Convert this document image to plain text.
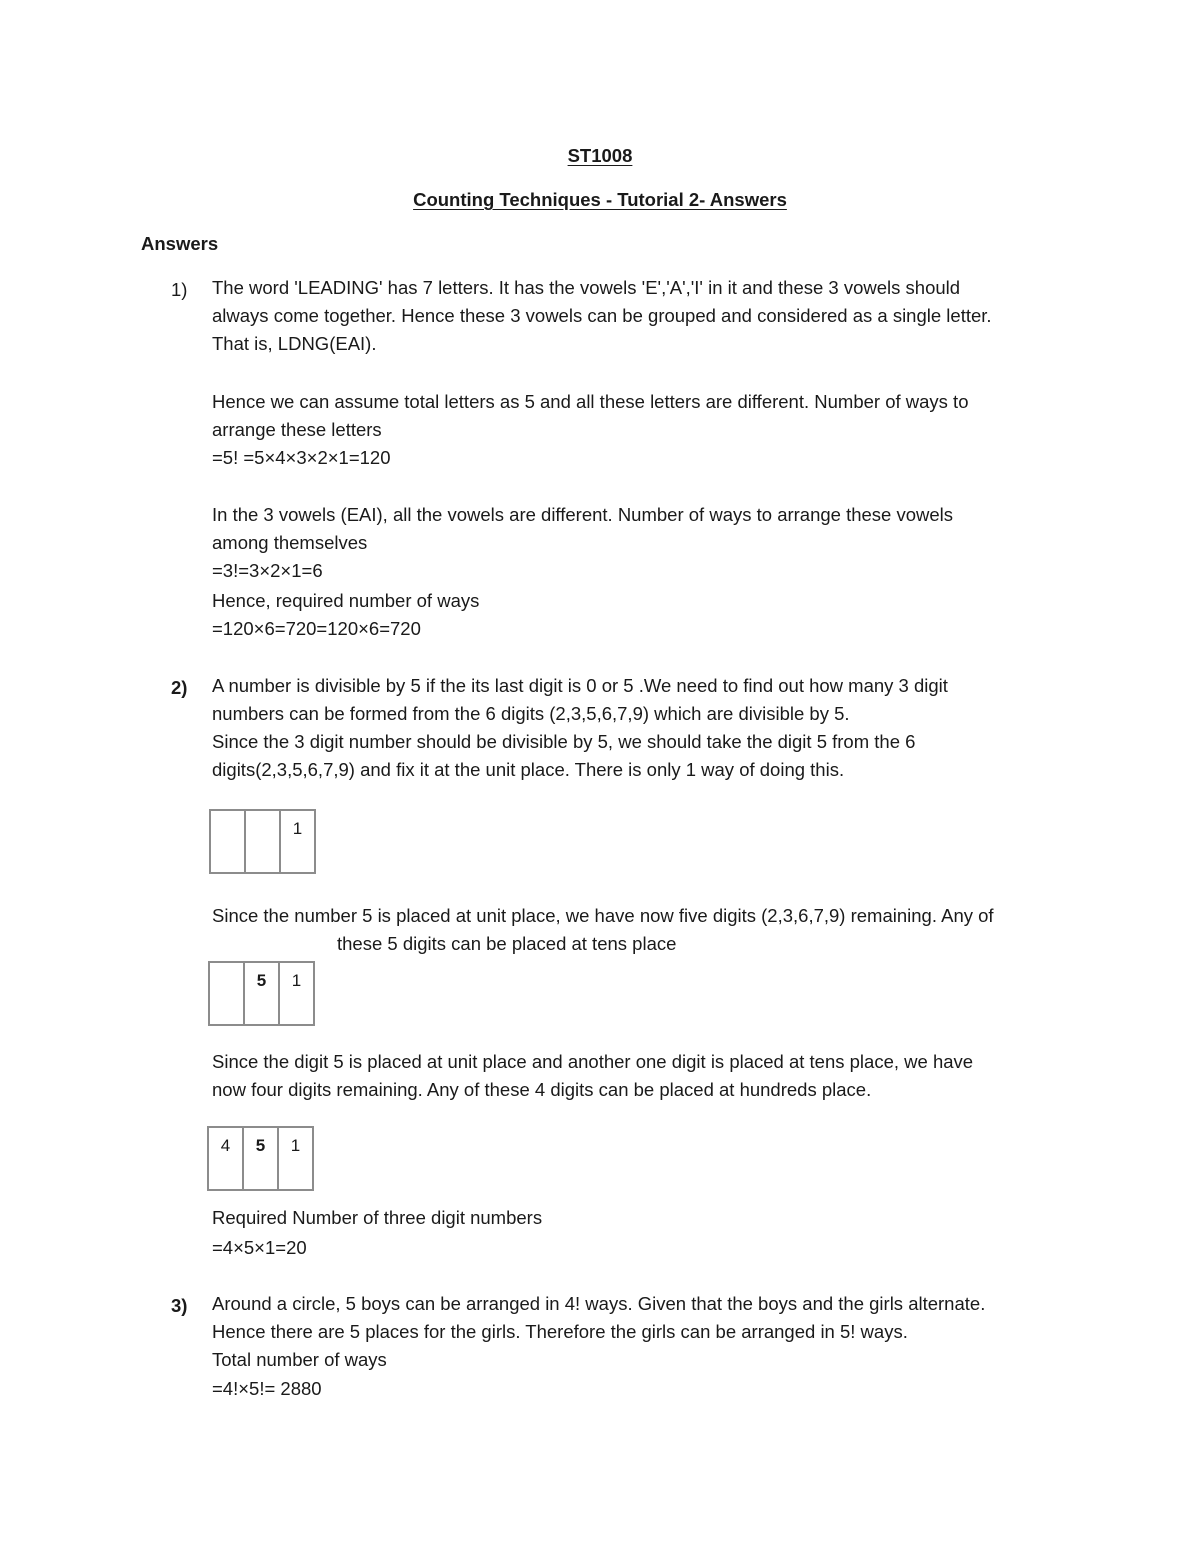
ST1008
Counting Techniques - Tutorial 2- Answers
Answers
1) The word 'LEADING' has 7 letters. It has the vowels 'E','A','I' in it and these 3 vowels should
always come together. Hence these 3 vowels can be grouped and considered as a single letter.
That is, LDNG(EAI).
Hence we can assume total letters as 5 and all these letters are different. Number of ways to
arrange these letters
=5! =5×4×3×2×1=120
In the 3 vowels (EAI), all the vowels are different. Number of ways to arrange these vowels
among themselves
=3!=3×2×1=6
Hence, required number of ways
=120×6=720=120×6=720
2) A number is divisible by 5 if the its last digit is 0 or 5 .We need to find out how many 3 digit
numbers can be formed from the 6 digits (2,3,5,6,7,9) which are divisible by 5.
Since the 3 digit number should be divisible by 5, we should take the digit 5 from the 6
digits(2,3,5,6,7,9) and fix it at the unit place. There is only 1 way of doing this.
		1
Since the number 5 is placed at unit place, we have now five digits (2,3,6,7,9) remaining. Any of
these 5 digits can be placed at tens place
	5	1
Since the digit 5 is placed at unit place and another one digit is placed at tens place, we have
now four digits remaining. Any of these 4 digits can be placed at hundreds place.
4	5	1
Required Number of three digit numbers
=4×5×1=20
3) Around a circle, 5 boys can be arranged in 4! ways. Given that the boys and the girls alternate.
Hence there are 5 places for the girls. Therefore the girls can be arranged in 5! ways.
Total number of ways
=4!×5!= 2880
